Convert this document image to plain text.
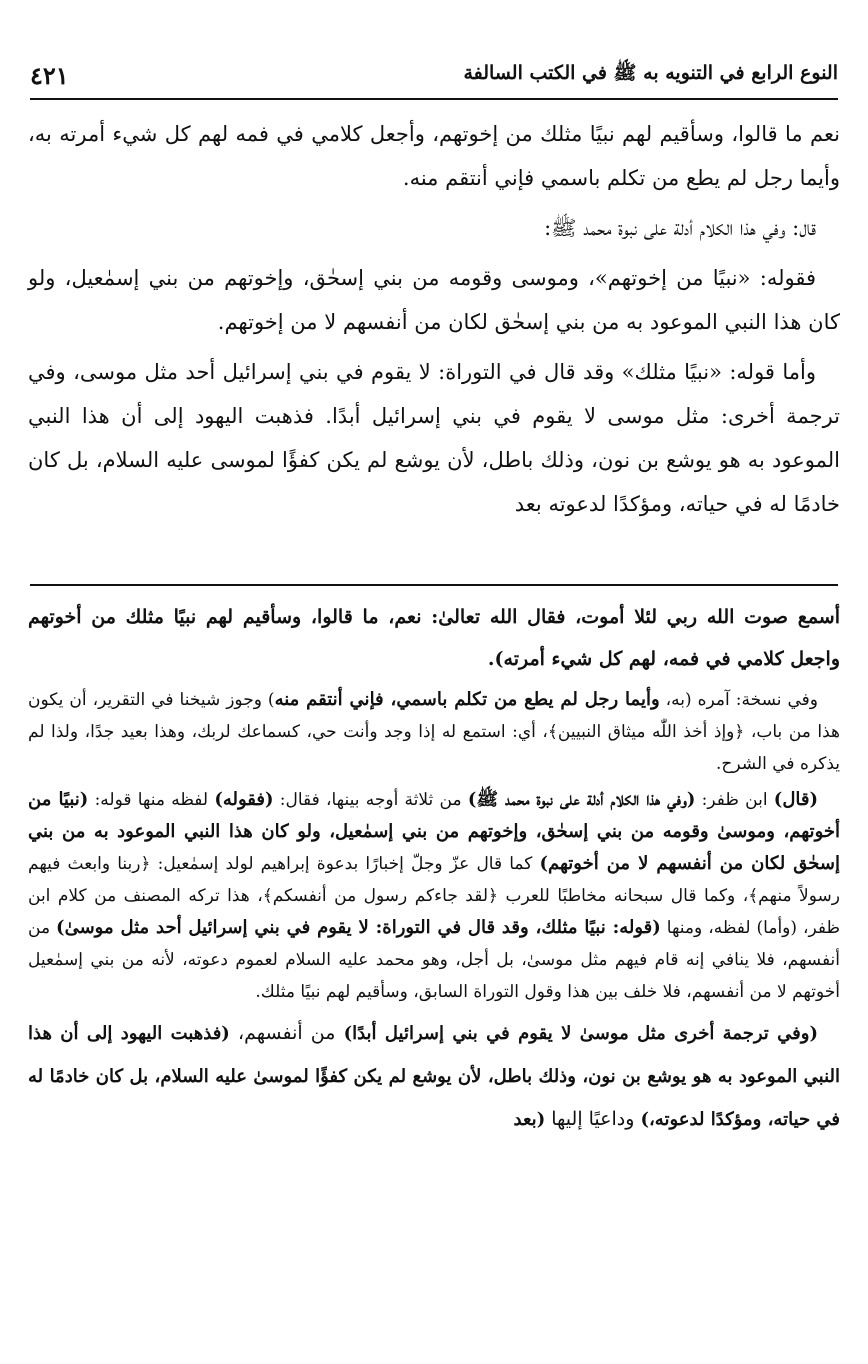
النوع الرابع في التنويه به ﷺ في الكتب السالفة
٤٢١

نعم ما قالوا، وسأقيم لهم نبيًا مثلك من إخوتهم، وأجعل كلامي في فمه لهم كل شيء أمرته به، وأيما رجل لم يطع من تكلم باسمي فإني أنتقم منه.

قال: وفي هذا الكلام أدلة على نبوة محمد ﷺ:

فقوله: «نبيًا من إخوتهم»، وموسى وقومه من بني إسحٰق، وإخوتهم من بني إسمٰعيل، ولو كان هذا النبي الموعود به من بني إسحٰق لكان من أنفسهم لا من إخوتهم.

وأما قوله: «نبيًا مثلك» وقد قال في التوراة: لا يقوم في بني إسرائيل أحد مثل موسى، وفي ترجمة أخرى: مثل موسى لا يقوم في بني إسرائيل أبدًا. فذهبت اليهود إلى أن هذا النبي الموعود به هو يوشع بن نون، وذلك باطل، لأن يوشع لم يكن كفؤًا لموسى عليه السلام، بل كان خادمًا له في حياته، ومؤكدًا لدعوته بعد

أسمع صوت الله ربي لئلا أموت، فقال الله تعالىٰ: نعم، ما قالوا، وسأقيم لهم نبيًا مثلك من أخوتهم واجعل كلامي في فمه، لهم كل شيء أمرته).

وفي نسخة: آمره (به، وأيما رجل لم يطع من تكلم باسمي، فإني أنتقم منه) وجوز شيخنا في التقرير، أن يكون هذا من باب، ﴿وإذ أخذ اللّٰه ميثاق النبيين﴾، أي: استمع له إذا وجد وأنت حي، كسماعك لربك، وهذا بعيد جدًا، ولذا لم يذكره في الشرح.

(قال) ابن ظفر: (وفي هذا الكلام أدلة على نبوة محمد ﷺ) من ثلاثة أوجه بينها، فقال: (فقوله) لفظه منها قوله: (نبيًا من أخوتهم، وموسىٰ وقومه من بني إسحٰق، وإخوتهم من بني إسمٰعيل، ولو كان هذا النبي الموعود به من بني إسحٰق لكان من أنفسهم لا من أخوتهم) كما قال عزّ وجلّ إخبارًا بدعوة إبراهيم لولد إسمٰعيل: ﴿ربنا وابعث فيهم رسولاً منهم﴾، وكما قال سبحانه مخاطبًا للعرب ﴿لقد جاءكم رسول من أنفسكم﴾، هذا تركه المصنف من كلام ابن ظفر، (وأما) لفظه، ومنها (قوله: نبيًا مثلك، وقد قال في التوراة: لا يقوم في بني إسرائيل أحد مثل موسىٰ) من أنفسهم، فلا ينافي إنه قام فيهم مثل موسىٰ، بل أجل، وهو محمد عليه السلام لعموم دعوته، لأنه من بني إسمٰعيل أخوتهم لا من أنفسهم، فلا خلف بين هذا وقول التوراة السابق، وسأقيم لهم نبيًا مثلك.

(وفي ترجمة أخرى مثل موسىٰ لا يقوم في بني إسرائيل أبدًا) من أنفسهم، (فذهبت اليهود إلى أن هذا النبي الموعود به هو يوشع بن نون، وذلك باطل، لأن يوشع لم يكن كفؤًا لموسىٰ عليه السلام، بل كان خادمًا له في حياته، ومؤكدًا لدعوته،) وداعيًا إليها (بعد
